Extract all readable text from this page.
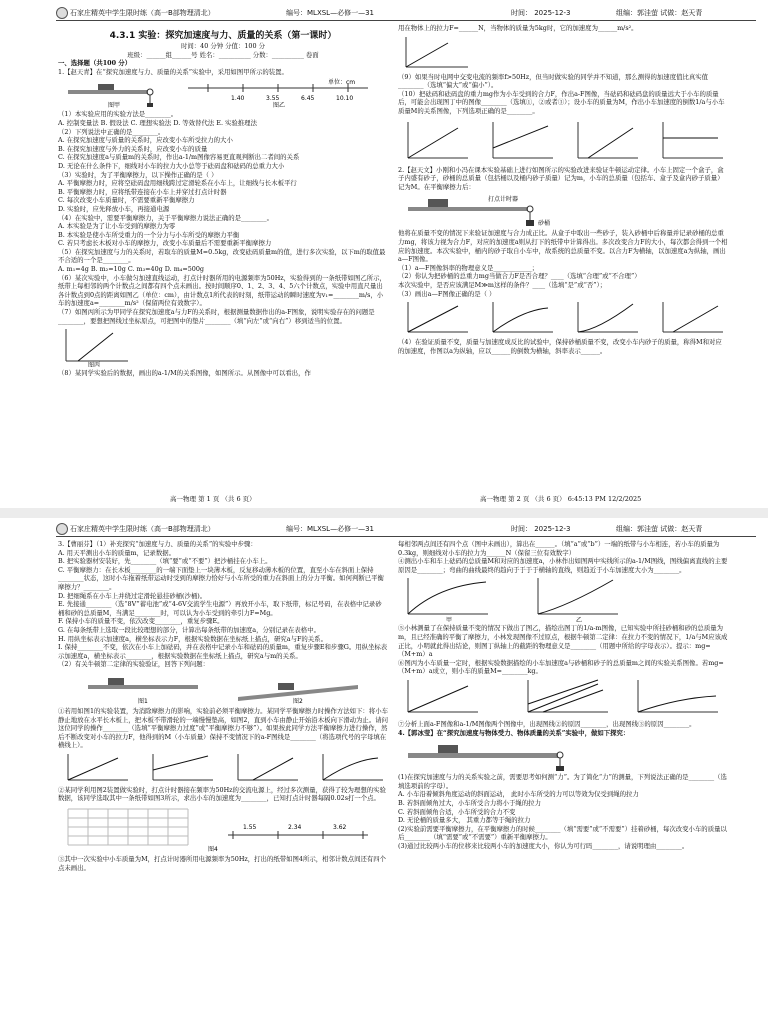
石家庄精英中学生限时练（高一B部物理清北）	编号：MLXSL—必修一—31	时间： 2025-12-3	组编：郭洼萤 试做：赵天青

4.3.1 实验：探究加速度与力、质量的关系（第一课时）

时间：40 分钟 分值：100 分

班级：______组______号 姓名：__________ 分数：__________ 卷面

一、选择题（共100 分）

1.【赵天青】在“探究加速度与力、质量的关系”实验中，采用如图甲所示的装置。

1.40	3.55	6.45	10.10
图甲	图乙
单位：cm

（1）本实验应用的实验方法是________。

A. 控制变量法 B. 假设法 C. 理想实验法 D. 等效替代法 E. 实验推理法

（2）下列说法中正确的是________。

A. 在探究加速度与质量的关系时，应改变小车所受拉力的大小

B. 在探究加速度与外力的关系时，应改变小车的质量

C. 在探究加速度a与质量m的关系时，作出a-1/m图像容易更直观判断出二者间的关系

D. 无论在什么条件下，细线对小车的拉力大小总等于砝码盘和砝码的总重力大小

（3）实验时，为了平衡摩擦力，以下操作正确的是（ ）

A. 平衡摩擦力时，应将空砝码盘用细线跨过定滑轮系在小车上，让细线与长木板平行

B. 平衡摩擦力时，应将纸带连接在小车上并穿过打点计时器

C. 每次改变小车质量时，不需要重新平衡摩擦力

D. 实验时，应先释放小车，再接通电源

（4）在实验中，需要平衡摩擦力，关于平衡摩擦力说法正确的是________。

A. 本实验是为了让小车受到的摩擦力为零

B. 本实验是使小车所受重力的一个分力与小车所受的摩擦力平衡

C. 若只考虑长木板对小车的摩擦力，改变小车质量后不需要重新平衡摩擦力

（5）在探究加速度与力的关系时，若取车的质量M=0.5kg，改变砝码质量m的值，进行多次实验，以下m的取值最不合适的一个是________。

A. m₁=4g B. m₂=10g C. m₃=40g D. m₄=500g

（6）某次实验中，小车做匀加速直线运动，打点计时器所用的电源频率为50Hz，实验得到的一条纸带如图乙所示，纸带上每相邻的两个计数点之间都有四个点未画出。按时间顺序0、1、2、3、4、5六个计数点，实验中用直尺量出各计数点到0点的距离如图乙（单位：cm），由计数点1所代表的时刻，纸带运动的瞬时速度为v₁=________m/s，小车的加速度a=________m/s²（保留两位有效数字）。

（7）如图丙所示为甲同学在探究加速度a与力F的关系时，根据测量数据作出的a-F图象，说明实验存在的问题是________，要想把图线过坐标原点，可把图中的垫片________（填“向左”或“向右”）移到适当的位置。

图丙

（8）某同学实验后的数据，画出的a-1/M的关系图像，如图所示。从图像中可以看出，作

用在物体上的拉力F=______N，当物体的质量为5kg时，它的加速度为______m/s²。

（9）如果当时电网中交变电流的频率f>50Hz，但当时做实验的同学并不知道，那么测得的加速度值比真实值________（选填“偏大”或“偏小”）。

（10）把砝码和砝码盘的重力mg作为小车受到的合力F，作出a-F图像，当砝码和砝码盘的质量远大于小车的质量后，可能会出现图丁中的图像________（选填①，②或者③）；设小车的质量为M，作出小车加速度的倒数1/a与小车质量M的关系图像，下列选项正确的是________。

2.【赵天文】小刚和小冯在课本实验基础上进行如图所示的实验改进来验证牛顿运动定律。小车上固定一个盒子，盒子内盛有砂子，砂桶的总质量（包括桶以及桶内砂子质量）记为m，小车的总质量（包括车、盒子及盒内砂子质量）记为M。在平衡摩擦力后：

打点计时器
砂桶

他将在质量不变的情况下来验证加速度与合力成正比。从盒子中取出一些砂子，装入砂桶中后称量并记录砂桶的总重力mg，将该力视为合力F，对应的加速度a则从打下的纸带中计算得出。多次改变合力F的大小，每次都会得到一个相应的加速度。本次实验中，桶内的砂子取自小车中，故系统的总质量不变。以合力F为横轴，以加速度a为纵轴，画出a—F图像。

（1）a—F图像斜率的物理意义是____________；

（2）你认为把砂桶的总重力mg当做合力F是否合理？____（选填“合理”或“不合理”）

本次实验中，是否应该满足M≫m这样的条件？____（选填“是”或“否”）；

（3）画出a—F图像正确的是（ ）

（4）在验证质量不变，质量与加速度成反比的试验中，保持砂桶质量不变，改变小车内砂子的质量，称得M和对应的加速度，作图以a为纵轴，应以______的倒数为横轴，斜率表示______。

高一物理 第 1 页 （共 6 页）	高一物理 第 2 页 （共 6 页） 6:45:13 PM 12/2/2025
石家庄精英中学生限时练（高一B部物理清北）	编号：MLXSL—必修一—31	时间： 2025-12-3	组编：郭洼萤 试做：赵天青

3.【曹丽芬】（1）补充探究“加速度与力、质量的关系”的实验中步骤：

A. 用天平测出小车的质量m，记录数据。

B. 把实验器材安装好，先________（填“要”或“不要”）把沙桶挂在小车上。

C. 平衡摩擦力：在长木板________的一端下面垫上一块薄木板，反复移动薄木板的位置，直至小车在斜面上保持________状态，这时小车拖着纸带运动时受到的摩擦力恰好与小车所受的重力在斜面上的分力平衡。如何判断已平衡摩擦力？________。

D. 把细绳系在小车上并绕过定滑轮悬挂砂桶(沙桶)。

E. 先接通________（选“8V”蓄电池”或“4-6V交流学生电源”）再放开小车，取下纸带，标记号码，在表格中记录砂桶和砂的总质量M，当满足________时，可以认为小车受到的牵引力F=Mg。

F. 保持小车的质量不变，依次改变________，重复步骤E。

G. 在每条纸带上选取一段比较理想的部分，计算出每条纸带的加速度a，分别记录在表格中。

H. 用纵坐标表示加速度a，横坐标表示力F，根据实验数据在坐标纸上描点，研究a与F的关系。

I. 保持________不变，依次在小车上加砝码，并在表格中记录小车和砝码的质量m，重复步骤E和步骤G。用纵坐标表示加速度a，横坐标表示________，根据实验数据在坐标纸上描点，研究a与m的关系。

（2）有关牛顿第二定律的实验验证，回答下列问题：

图1	图2

①若用如图1的实验装置，为消除摩擦力的影响，实验前必须平衡摩擦力。某同学平衡摩擦力时操作方法如下：将小车静止地放在水平长木板上，把木板不带滑轮的一端慢慢垫高，如图2，直到小车由静止开始沿木板向下滑动为止。请问这位同学的操作________（选填“平衡摩擦力过度”或“平衡摩擦力不够”）。如果按此同学方法平衡摩擦力进行操作，然后不断改变对小车的拉力F，他得到的M（小车质量）保持不变情况下的a-F图线是________（将选项代号的字母填在横线上）。

②某同学利用图2装置做实验时，打点计时器接在频率为50Hz的交流电源上，经过多次测量，获得了较为理想的实验数据，该同学选取其中一条纸带如图3所示，求出小车的加速度为________，已知打点计时器每隔0.02s打一个点。

1.55	2.34	3.62
图4

③其中一次实验中小车质量为M，打点计时器所用电源频率为50Hz，打出的纸带如图4所示，相邻计数点间还有四个点未画出。

每相邻两点间还有四个点（图中未画出），算出在______。（填“a”或“b”）一端的纸带与小车相连，若小车的质量为0.3kg，则细线对小车的拉力为______N（保留三位有效数字）

④测出小车和车上砝码的总质量M和对应的加速度a，小林作出如图两中实线所示的a-1/M图线，图线偏离直线的主要原因是________；弯曲的曲线最终的趋向于于于于横轴的直线，则趋近于小车加速度大小为________。

甲	乙

⑤小林测量了在保持质量不变的情况下做出了图乙，描绘出图丁的1/a-m图像，已知实验中所挂砂桶和砂的总质量为m，且已经准确的平衡了摩擦力，小林发现图像不过原点，根据牛顿第二定律：在拉力不变的情况下，1/a与M应该成正比，小明就此得出结论，则图丁纵轴上的截距的物理意义是________（用题中所给的字母表示）。提示：mg=（M+m）a

⑥图丙为小车质量一定时，根据实验数据描绘的小车加速度a与砂桶和砂子的总质量m之间的实验关系图像。若mg=（M+m）a成立，则小车的质量M=________kg。

⑦分析上面a-F图像和a-1/M图像两个图像中，出现图线②的原因________，出现图线③的原因________。

4.【郭冰莹】在“探究加速度与物体受力、物体质量的关系”实验中，做如下探究：

(1)在探究加速度与力的关系实验之前，需要思考如何测“力”。为了简化“力”的测量，下列说法正确的是________（选填选项前的字母）。

A. 小车沿着倾斜角度运动的斜面运动， 此时小车所受的力可以等效为仅受到绳的拉力

B. 若斜面倾角过大，小车所受合力将小于绳的拉力

C. 若斜面倾角合适，小车所受的合力不变

D. 无论桶的质量多大， 其重力都等于绳的拉力

(2)实验前需要平衡摩擦力，在平衡摩擦力的时候________（填“需要”或“不需要”）挂着砂桶，每次改变小车的质量以后________（填“需要”或“不需要”）重新平衡摩擦力。

(3)通过比较两小车的位移来比较两小车的加速度大小，你认为可行吗________，请说明理由________。
